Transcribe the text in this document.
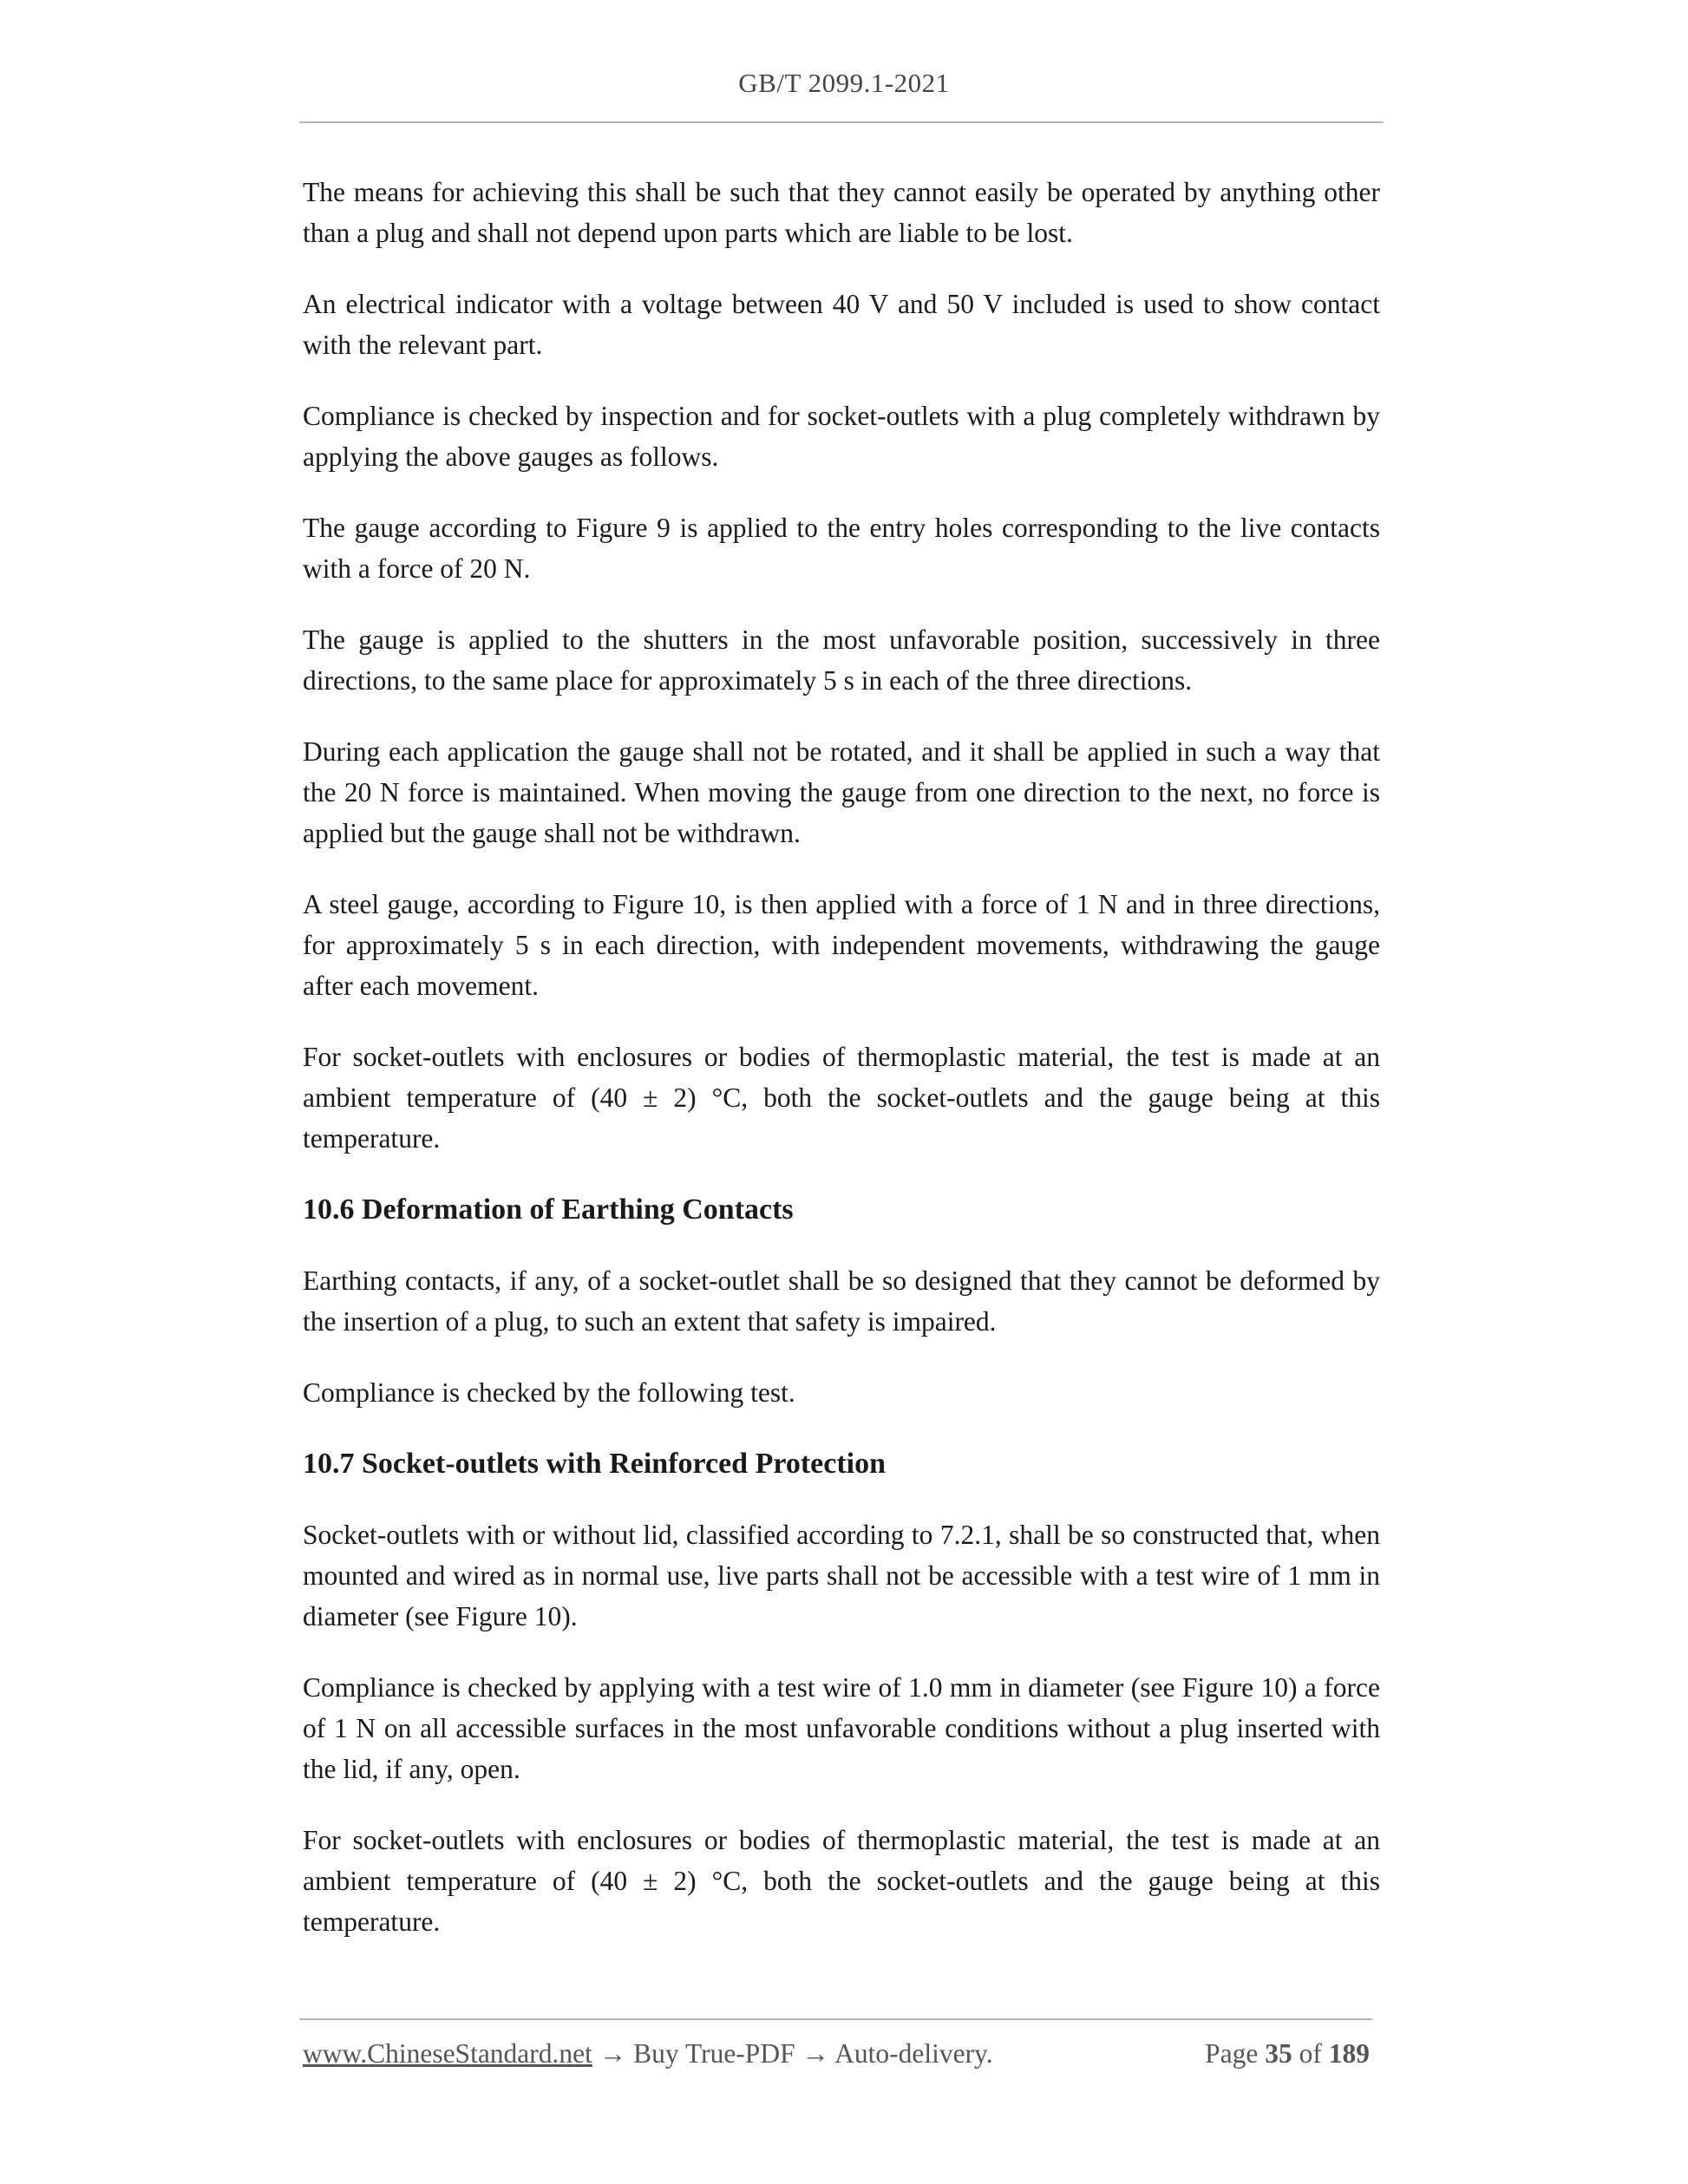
GB/T 2099.1-2021

The means for achieving this shall be such that they cannot easily be operated by anything other than a plug and shall not depend upon parts which are liable to be lost.

An electrical indicator with a voltage between 40 V and 50 V included is used to show contact with the relevant part.

Compliance is checked by inspection and for socket-outlets with a plug completely withdrawn by applying the above gauges as follows.

The gauge according to Figure 9 is applied to the entry holes corresponding to the live contacts with a force of 20 N.

The gauge is applied to the shutters in the most unfavorable position, successively in three directions, to the same place for approximately 5 s in each of the three directions.

During each application the gauge shall not be rotated, and it shall be applied in such a way that the 20 N force is maintained. When moving the gauge from one direction to the next, no force is applied but the gauge shall not be withdrawn.

A steel gauge, according to Figure 10, is then applied with a force of 1 N and in three directions, for approximately 5 s in each direction, with independent movements, withdrawing the gauge after each movement.

For socket-outlets with enclosures or bodies of thermoplastic material, the test is made at an ambient temperature of (40 ± 2) °C, both the socket-outlets and the gauge being at this temperature.

10.6 Deformation of Earthing Contacts

Earthing contacts, if any, of a socket-outlet shall be so designed that they cannot be deformed by the insertion of a plug, to such an extent that safety is impaired.

Compliance is checked by the following test.

10.7 Socket-outlets with Reinforced Protection

Socket-outlets with or without lid, classified according to 7.2.1, shall be so constructed that, when mounted and wired as in normal use, live parts shall not be accessible with a test wire of 1 mm in diameter (see Figure 10).

Compliance is checked by applying with a test wire of 1.0 mm in diameter (see Figure 10) a force of 1 N on all accessible surfaces in the most unfavorable conditions without a plug inserted with the lid, if any, open.

For socket-outlets with enclosures or bodies of thermoplastic material, the test is made at an ambient temperature of (40 ± 2) °C, both the socket-outlets and the gauge being at this temperature.

www.ChineseStandard.net → Buy True-PDF → Auto-delivery.	Page 35 of 189
